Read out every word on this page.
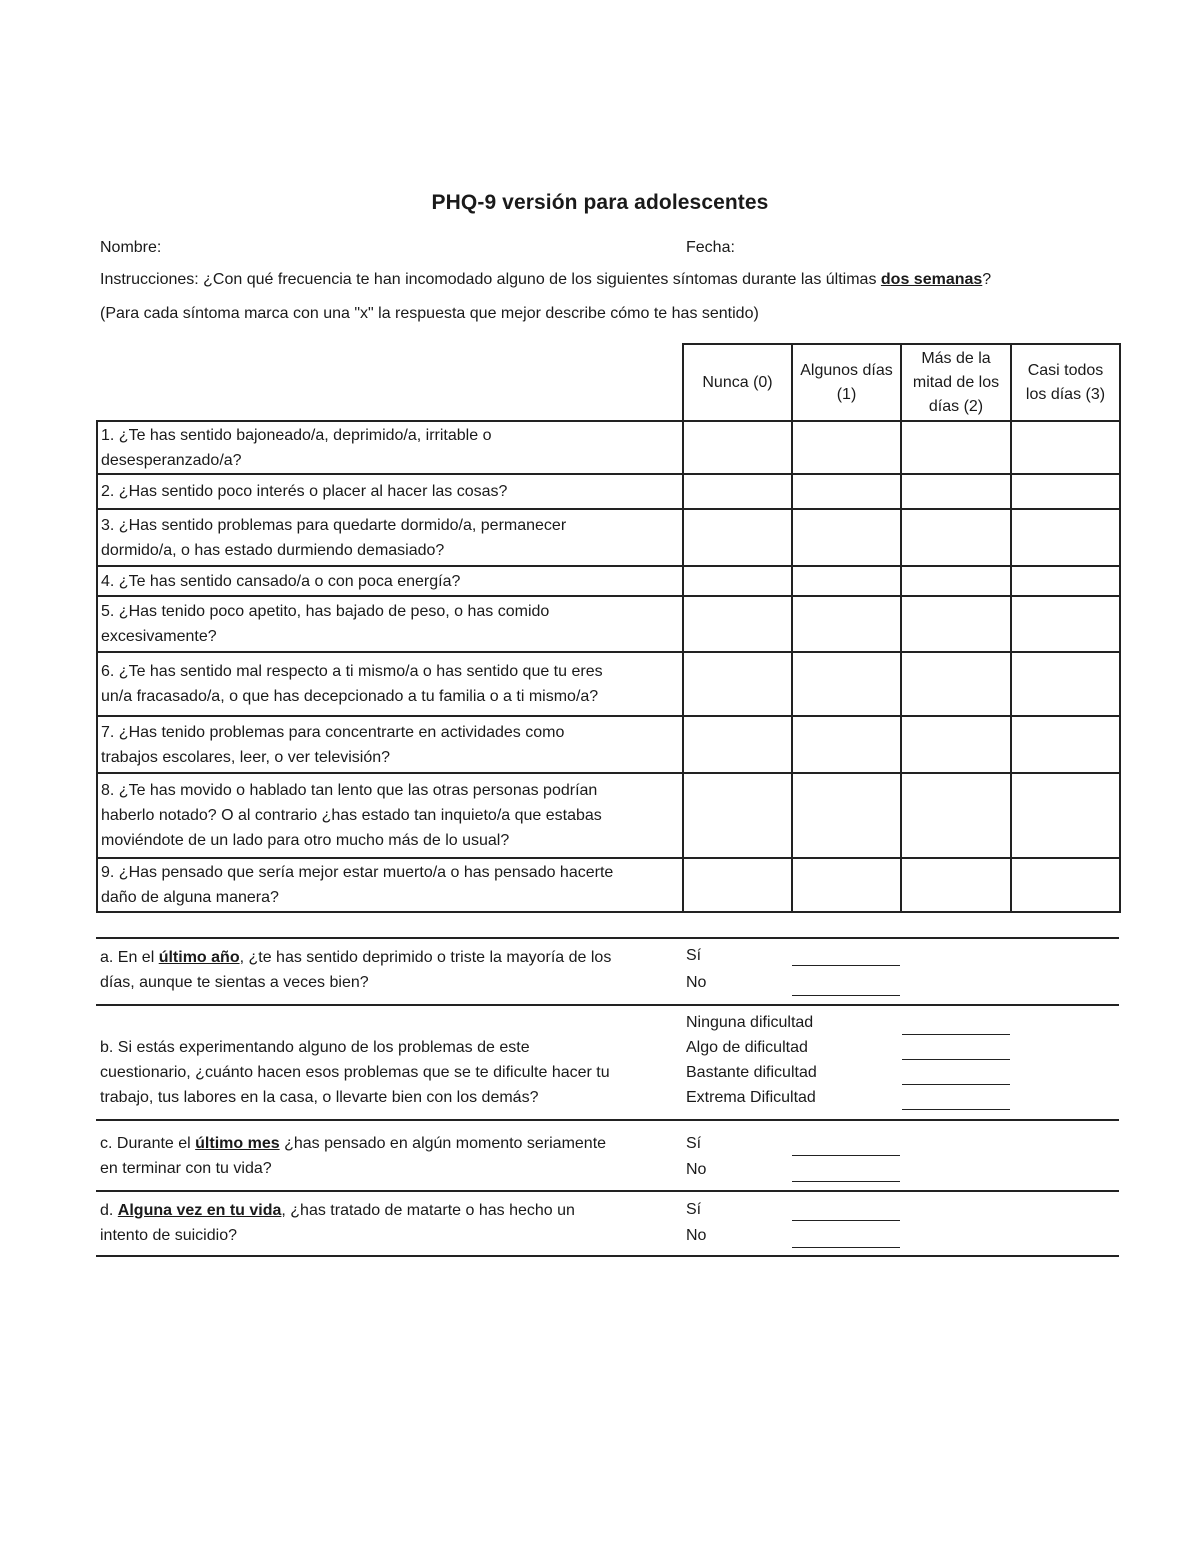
PHQ-9 versión para adolescentes
Nombre:	Fecha:
Instrucciones: ¿Con qué frecuencia te han incomodado alguno de los siguientes síntomas durante las últimas dos semanas?
(Para cada síntoma marca con una "x" la respuesta que mejor describe cómo te has sentido)
	Nunca (0)	Algunos días
(1)	Más de la
mitad de los
días (2)	Casi todos
los días (3)
1. ¿Te has sentido bajoneado/a, deprimido/a, irritable o
desesperanzado/a?				
2. ¿Has sentido poco interés o placer al hacer las cosas?				
3. ¿Has sentido problemas para quedarte dormido/a, permanecer
dormido/a, o has estado durmiendo demasiado?				
4. ¿Te has sentido cansado/a o con poca energía?				
5. ¿Has tenido poco apetito, has bajado de peso, o has comido
excesivamente?				
6. ¿Te has sentido mal respecto a ti mismo/a o has sentido que tu eres
un/a fracasado/a, o que has decepcionado a tu familia o a ti mismo/a?				
7. ¿Has tenido problemas para concentrarte en actividades como
trabajos escolares, leer, o ver televisión?				
8. ¿Te has movido o hablado tan lento que las otras personas podrían
haberlo notado? O al contrario ¿has estado tan inquieto/a que estabas
moviéndote de un lado para otro mucho más de lo usual?				
9. ¿Has pensado que sería mejor estar muerto/a o has pensado hacerte
daño de alguna manera?				
a. En el último año, ¿te has sentido deprimido o triste la mayoría de los
días, aunque te sientas a veces bien?
Sí
No
b. Si estás experimentando alguno de los problemas de este
cuestionario, ¿cuánto hacen esos problemas que se te dificulte hacer tu
trabajo, tus labores en la casa, o llevarte bien con los demás?
Ninguna dificultad
Algo de dificultad
Bastante dificultad
Extrema Dificultad
c. Durante el último mes ¿has pensado en algún momento seriamente
en terminar con tu vida?
Sí
No
d. Alguna vez en tu vida, ¿has tratado de matarte o has hecho un
intento de suicidio?
Sí
No
